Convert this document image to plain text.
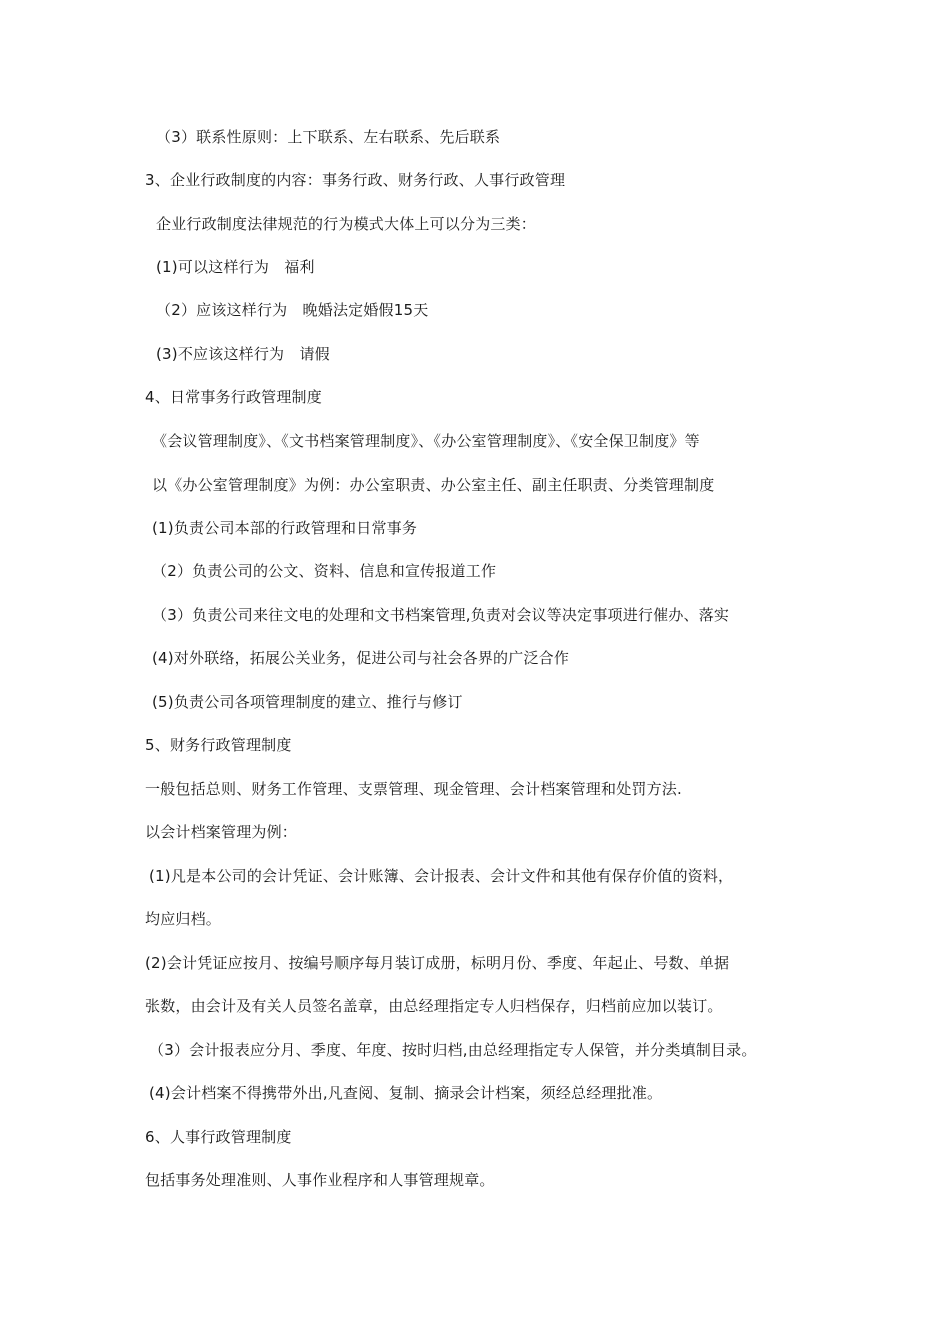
（3）联系性原则：上下联系、左右联系、先后联系
3、企业行政制度的内容：事务行政、财务行政、人事行政管理
企业行政制度法律规范的行为模式大体上可以分为三类：
(1)可以这样行为　福利
（2）应该这样行为　晚婚法定婚假15天
(3)不应该这样行为　请假
4、日常事务行政管理制度
《会议管理制度》、《文书档案管理制度》、《办公室管理制度》、《安全保卫制度》等
以《办公室管理制度》为例：办公室职责、办公室主任、副主任职责、分类管理制度
(1)负责公司本部的行政管理和日常事务
（2）负责公司的公文、资料、信息和宣传报道工作
（3）负责公司来往文电的处理和文书档案管理,负责对会议等决定事项进行催办、落实
(4)对外联络，拓展公关业务，促进公司与社会各界的广泛合作
(5)负责公司各项管理制度的建立、推行与修订
5、财务行政管理制度
一般包括总则、财务工作管理、支票管理、现金管理、会计档案管理和处罚方法.
以会计档案管理为例：
(1)凡是本公司的会计凭证、会计账簿、会计报表、会计文件和其他有保存价值的资料，
均应归档。
(2)会计凭证应按月、按编号顺序每月装订成册，标明月份、季度、年起止、号数、单据
张数，由会计及有关人员签名盖章，由总经理指定专人归档保存，归档前应加以装订。
（3）会计报表应分月、季度、年度、按时归档,由总经理指定专人保管，并分类填制目录。
(4)会计档案不得携带外出,凡查阅、复制、摘录会计档案，须经总经理批准。
6、人事行政管理制度
包括事务处理准则、人事作业程序和人事管理规章。
